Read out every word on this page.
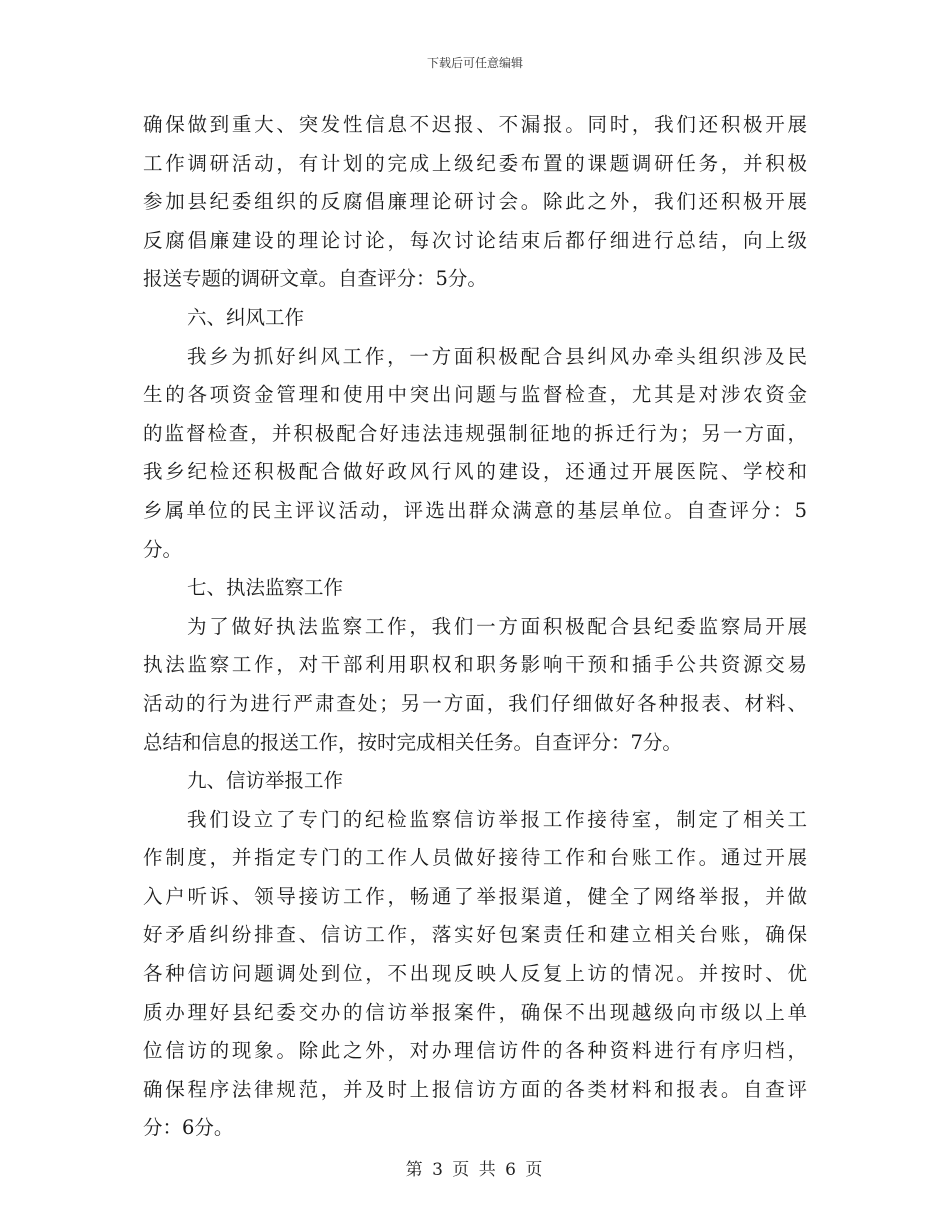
下载后可任意编辑
确保做到重大、突发性信息不迟报、不漏报。同时，我们还积极开展
工作调研活动，有计划的完成上级纪委布置的课题调研任务，并积极
参加县纪委组织的反腐倡廉理论研讨会。除此之外，我们还积极开展
反腐倡廉建设的理论讨论，每次讨论结束后都仔细进行总结，向上级
报送专题的调研文章。自查评分：5分。
六、纠风工作
我乡为抓好纠风工作，一方面积极配合县纠风办牵头组织涉及民
生的各项资金管理和使用中突出问题与监督检查，尤其是对涉农资金
的监督检查，并积极配合好违法违规强制征地的拆迁行为；另一方面，
我乡纪检还积极配合做好政风行风的建设，还通过开展医院、学校和
乡属单位的民主评议活动，评选出群众满意的基层单位。自查评分：5
分。
七、执法监察工作
为了做好执法监察工作，我们一方面积极配合县纪委监察局开展
执法监察工作，对干部利用职权和职务影响干预和插手公共资源交易
活动的行为进行严肃查处；另一方面，我们仔细做好各种报表、材料、
总结和信息的报送工作，按时完成相关任务。自查评分：7分。
九、信访举报工作
我们设立了专门的纪检监察信访举报工作接待室，制定了相关工
作制度，并指定专门的工作人员做好接待工作和台账工作。通过开展
入户听诉、领导接访工作，畅通了举报渠道，健全了网络举报，并做
好矛盾纠纷排查、信访工作，落实好包案责任和建立相关台账，确保
各种信访问题调处到位，不出现反映人反复上访的情况。并按时、优
质办理好县纪委交办的信访举报案件，确保不出现越级向市级以上单
位信访的现象。除此之外，对办理信访件的各种资料进行有序归档，
确保程序法律规范，并及时上报信访方面的各类材料和报表。自查评
分：6分。
第 3 页 共 6 页
